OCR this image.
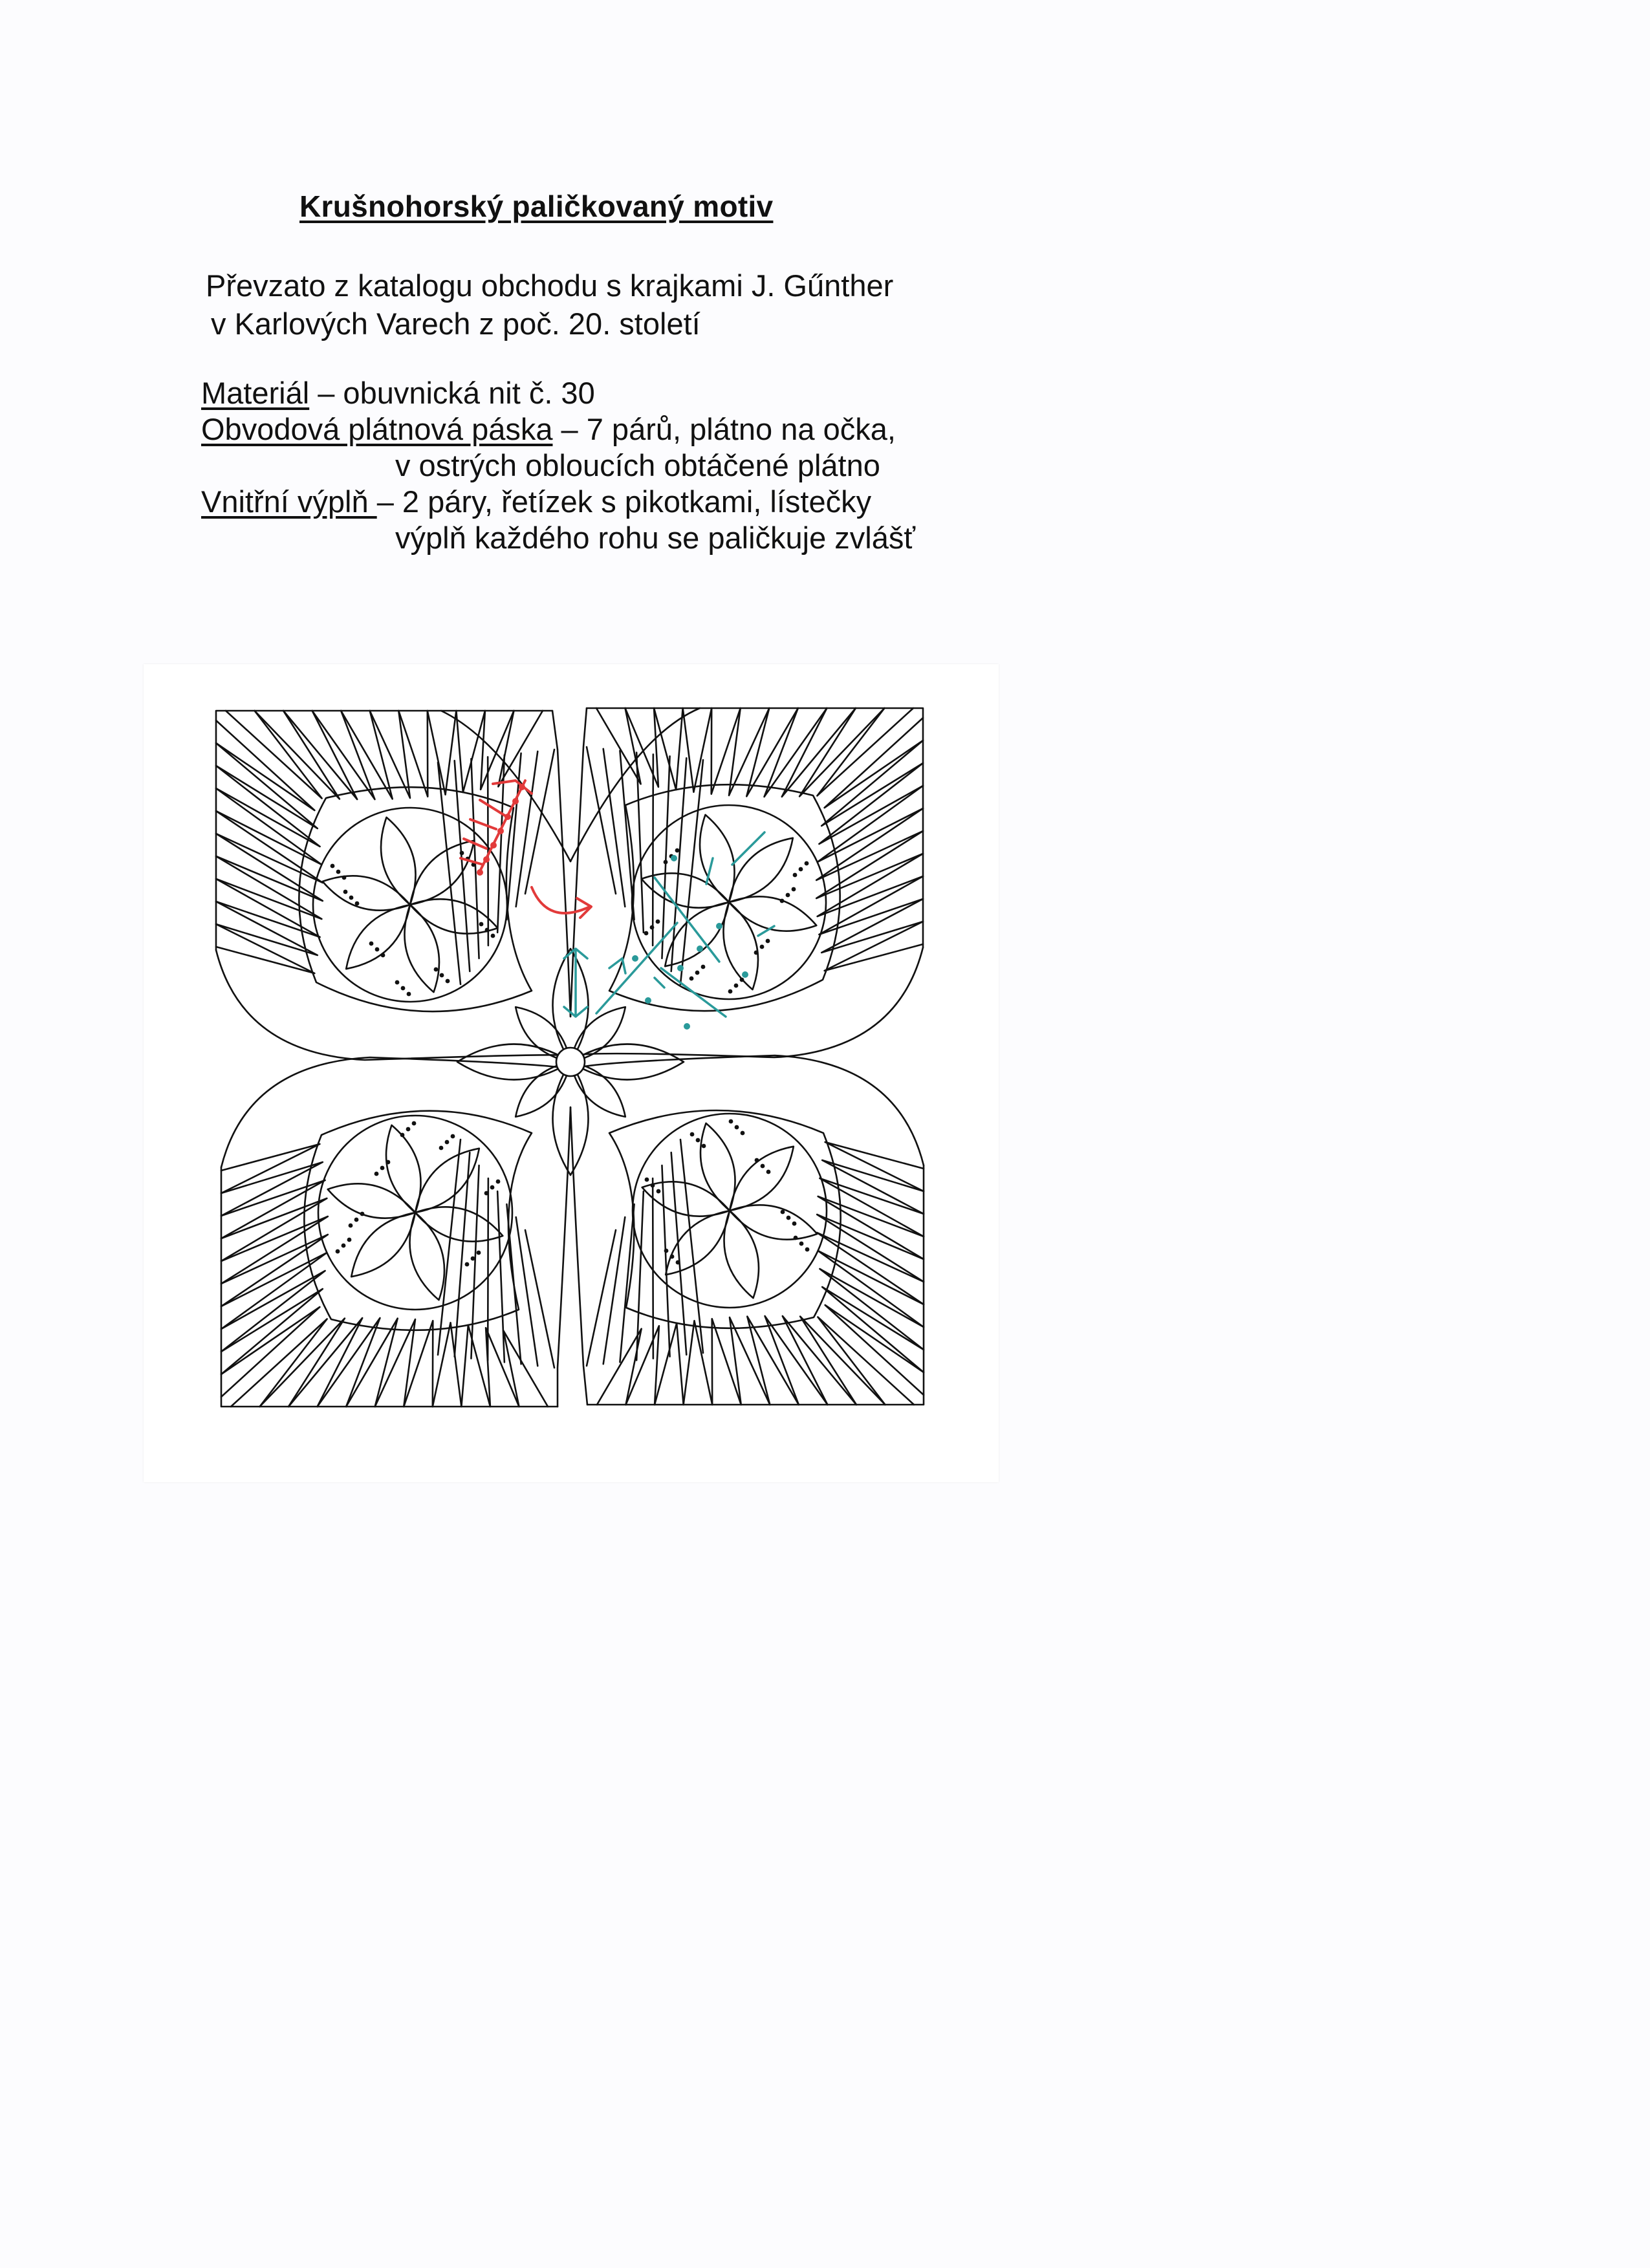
Krušnohorský paličkovaný motiv
Převzato z katalogu obchodu s krajkami J. Gűnther
v Karlových Varech z poč. 20. století
Materiál – obuvnická nit č. 30
Obvodová plátnová páska – 7 párů, plátno na očka,
v ostrých obloucích obtáčené plátno
Vnitřní výplň – 2 páry, řetízek s pikotkami, lístečky
výplň každého rohu se paličkuje zvlášť
